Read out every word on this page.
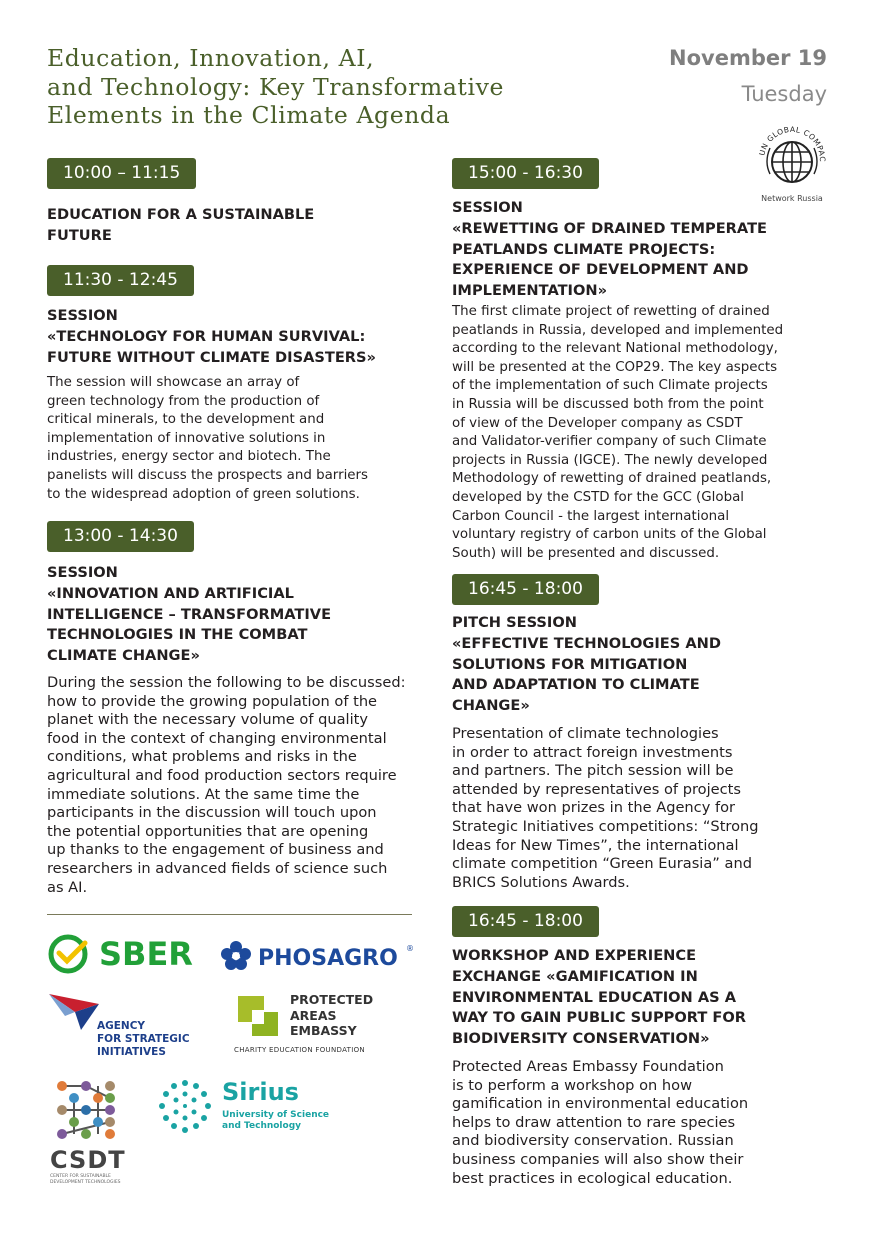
Education, Innovation, AI,
and Technology: Key Transformative
Elements in the Climate Agenda
November 19
Tuesday
UN GLOBAL COMPAC
Network Russia
10:00 – 11:15
EDUCATION FOR A SUSTAINABLE
FUTURE
11:30 - 12:45
SESSION
«TECHNOLOGY FOR HUMAN SURVIVAL:
FUTURE WITHOUT CLIMATE DISASTERS»
The session will showcase an array of
green technology from the production of
critical minerals, to the development and
implementation of innovative solutions in
industries, energy sector and biotech. The
panelists will discuss the prospects and barriers
to the widespread adoption of green solutions.
13:00 - 14:30
SESSION
«INNOVATION AND ARTIFICIAL
INTELLIGENCE – TRANSFORMATIVE
TECHNOLOGIES IN THE COMBAT
CLIMATE CHANGE»
During the session the following to be discussed:
how to provide the growing population of the
planet with the necessary volume of quality
food in the context of changing environmental
conditions, what problems and risks in the
agricultural and food production sectors require
immediate solutions. At the same time the
participants in the discussion will touch upon
the potential opportunities that are opening
up thanks to the engagement of business and
researchers in advanced fields of science such
as AI.
SBER	PHOSAGRO ®
AGENCY
FOR STRATEGIC
INITIATIVES
PROTECTED
AREAS
EMBASSY
CHARITY EDUCATION FOUNDATION
CSDT
CENTER FOR SUSTAINABLE
DEVELOPMENT TECHNOLOGIES
Sirius
University of Science
and Technology
15:00 - 16:30
SESSION
«REWETTING OF DRAINED TEMPERATE
PEATLANDS CLIMATE PROJECTS:
EXPERIENCE OF DEVELOPMENT AND
IMPLEMENTATION»
The first climate project of rewetting of drained
peatlands in Russia, developed and implemented
according to the relevant National methodology,
will be presented at the COP29. The key aspects
of the implementation of such Climate projects
in Russia will be discussed both from the point
of view of the Developer company as CSDT
and Validator-verifier company of such Climate
projects in Russia (IGCE). The newly developed
Methodology of rewetting of drained peatlands,
developed by the CSTD for the GCC (Global
Carbon Council - the largest international
voluntary registry of carbon units of the Global
South) will be presented and discussed.
16:45 - 18:00
PITCH SESSION
«EFFECTIVE TECHNOLOGIES AND
SOLUTIONS FOR MITIGATION
AND ADAPTATION TO CLIMATE
CHANGE»
Presentation of climate technologies
in order to attract foreign investments
and partners. The pitch session will be
attended by representatives of projects
that have won prizes in the Agency for
Strategic Initiatives competitions: “Strong
Ideas for New Times”, the international
climate competition “Green Eurasia” and
BRICS Solutions Awards.
16:45 - 18:00
WORKSHOP AND EXPERIENCE
EXCHANGE «GAMIFICATION IN
ENVIRONMENTAL EDUCATION AS A
WAY TO GAIN PUBLIC SUPPORT FOR
BIODIVERSITY CONSERVATION»
Protected Areas Embassy Foundation
is to perform a workshop on how
gamification in environmental education
helps to draw attention to rare species
and biodiversity conservation. Russian
business companies will also show their
best practices in ecological education.
